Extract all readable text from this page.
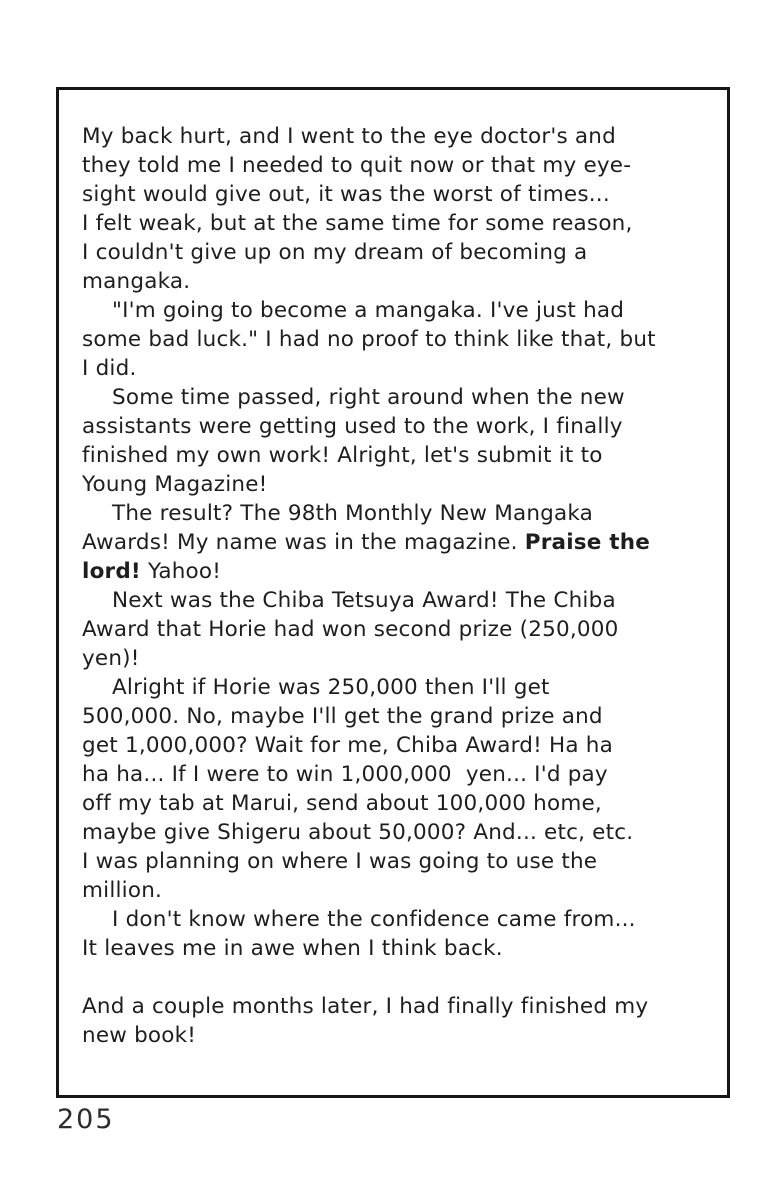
My back hurt, and I went to the eye doctor's and
they told me I needed to quit now or that my eye-
sight would give out, it was the worst of times...
I felt weak, but at the same time for some reason,
I couldn't give up on my dream of becoming a
mangaka.
"I'm going to become a mangaka. I've just had
some bad luck." I had no proof to think like that, but
I did.
Some time passed, right around when the new
assistants were getting used to the work, I finally
finished my own work! Alright, let's submit it to
Young Magazine!
The result? The 98th Monthly New Mangaka
Awards! My name was in the magazine. Praise the
lord! Yahoo!
Next was the Chiba Tetsuya Award! The Chiba
Award that Horie had won second prize (250,000
yen)!
Alright if Horie was 250,000 then I'll get
500,000. No, maybe I'll get the grand prize and
get 1,000,000? Wait for me, Chiba Award! Ha ha
ha ha... If I were to win 1,000,000  yen... I'd pay
off my tab at Marui, send about 100,000 home,
maybe give Shigeru about 50,000? And... etc, etc.
I was planning on where I was going to use the
million.
I don't know where the confidence came from...
It leaves me in awe when I think back.

And a couple months later, I had finally finished my
new book!
205
